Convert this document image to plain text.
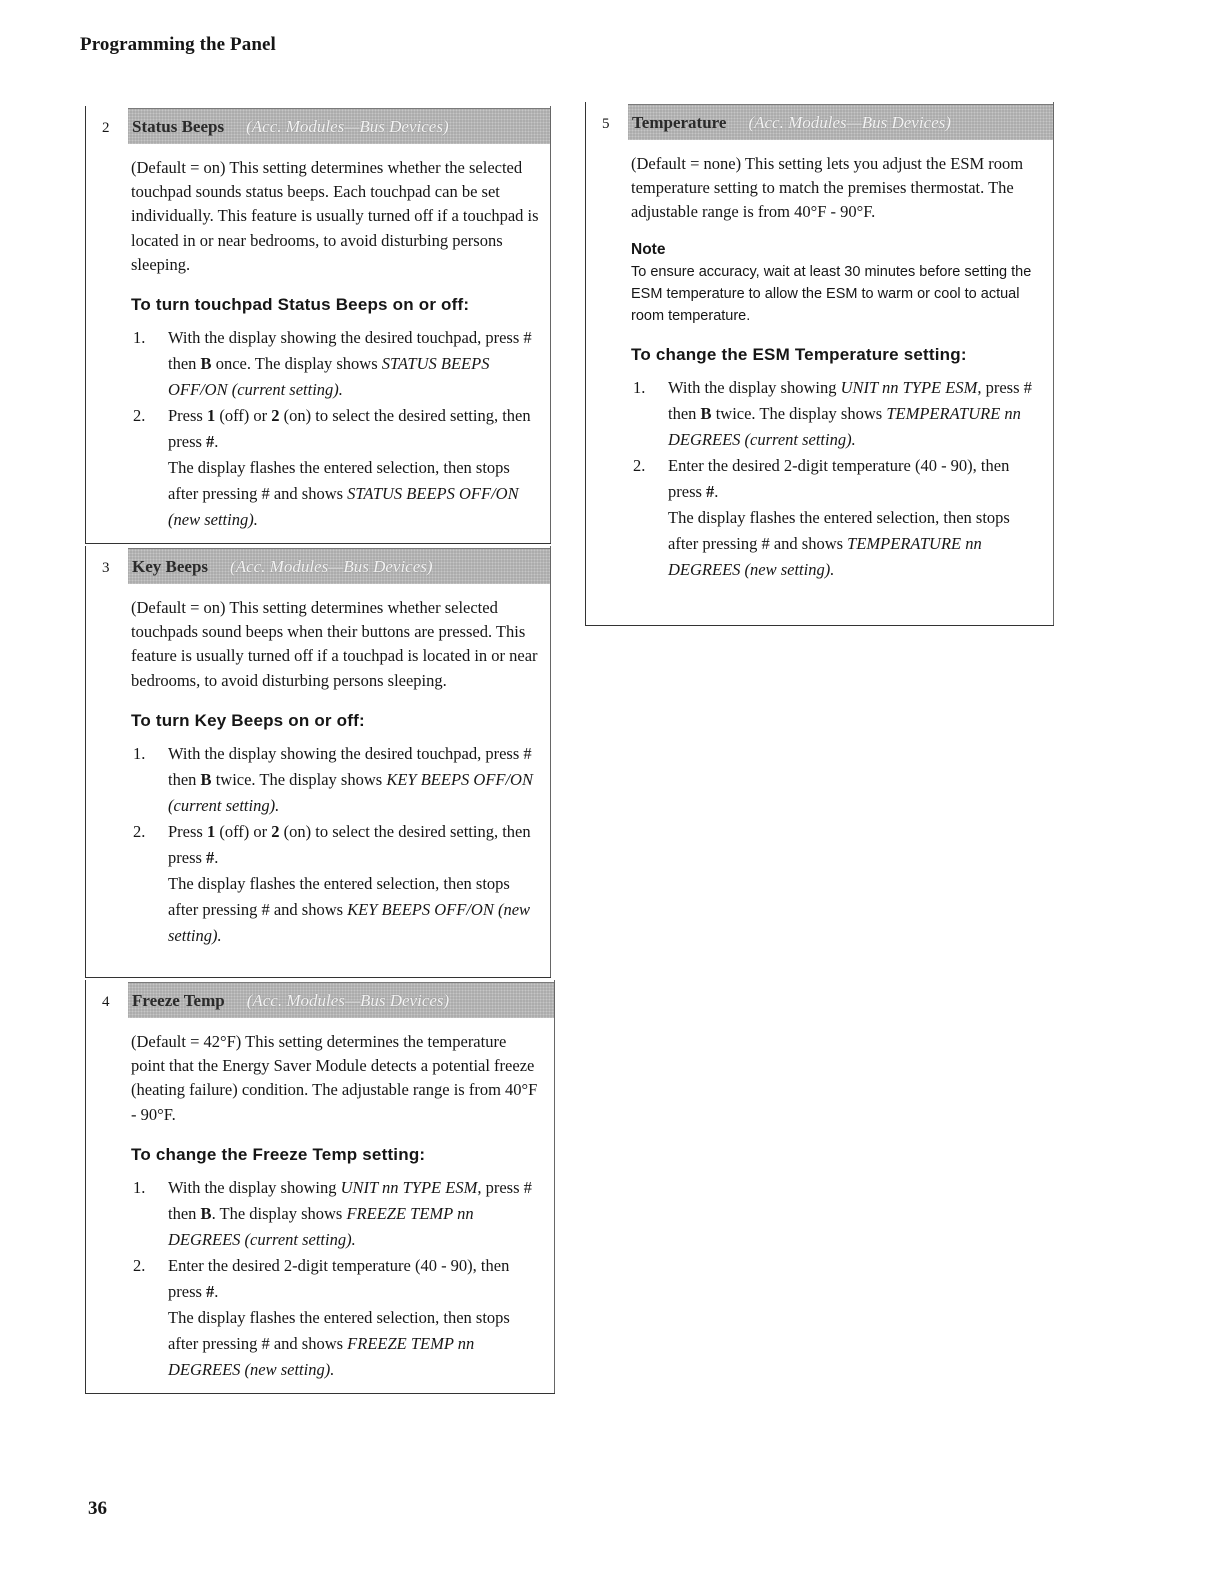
Programming the Panel
2 Status Beeps (Acc. Modules—Bus Devices)

(Default = on) This setting determines whether the selected touchpad sounds status beeps. Each touchpad can be set individually. This feature is usually turned off if a touchpad is located in or near bedrooms, to avoid disturbing persons sleeping.

To turn touchpad Status Beeps on or off:
1. With the display showing the desired touchpad, press # then B once. The display shows STATUS BEEPS OFF/ON (current setting).

2. Press 1 (off) or 2 (on) to select the desired setting, then press #.

The display flashes the entered selection, then stops after pressing # and shows STATUS BEEPS OFF/ON (new setting).

3 Key Beeps (Acc. Modules—Bus Devices)

(Default = on) This setting determines whether selected touchpads sound beeps when their buttons are pressed. This feature is usually turned off if a touchpad is located in or near bedrooms, to avoid disturbing persons sleeping.

To turn Key Beeps on or off:
1. With the display showing the desired touchpad, press # then B twice. The display shows KEY BEEPS OFF/ON (current setting).

2. Press 1 (off) or 2 (on) to select the desired setting, then press #.

The display flashes the entered selection, then stops after pressing # and shows KEY BEEPS OFF/ON (new setting).

4 Freeze Temp (Acc. Modules—Bus Devices)

(Default = 42°F) This setting determines the temperature point that the Energy Saver Module detects a potential freeze (heating failure) condition. The adjustable range is from 40°F - 90°F.

To change the Freeze Temp setting:
1. With the display showing UNIT nn TYPE ESM, press # then B. The display shows FREEZE TEMP nn DEGREES (current setting).

2. Enter the desired 2-digit temperature (40 - 90), then press #.

The display flashes the entered selection, then stops after pressing # and shows FREEZE TEMP nn DEGREES (new setting).

5 Temperature (Acc. Modules—Bus Devices)

(Default = none) This setting lets you adjust the ESM room temperature setting to match the premises thermostat. The adjustable range is from 40°F - 90°F.

Note

To ensure accuracy, wait at least 30 minutes before setting the ESM temperature to allow the ESM to warm or cool to actual room temperature.

To change the ESM Temperature setting:
1. With the display showing UNIT nn TYPE ESM, press # then B twice. The display shows TEMPERATURE nn DEGREES (current setting).

2. Enter the desired 2-digit temperature (40 - 90), then press #.

The display flashes the entered selection, then stops after pressing # and shows TEMPERATURE nn DEGREES (new setting).

36
